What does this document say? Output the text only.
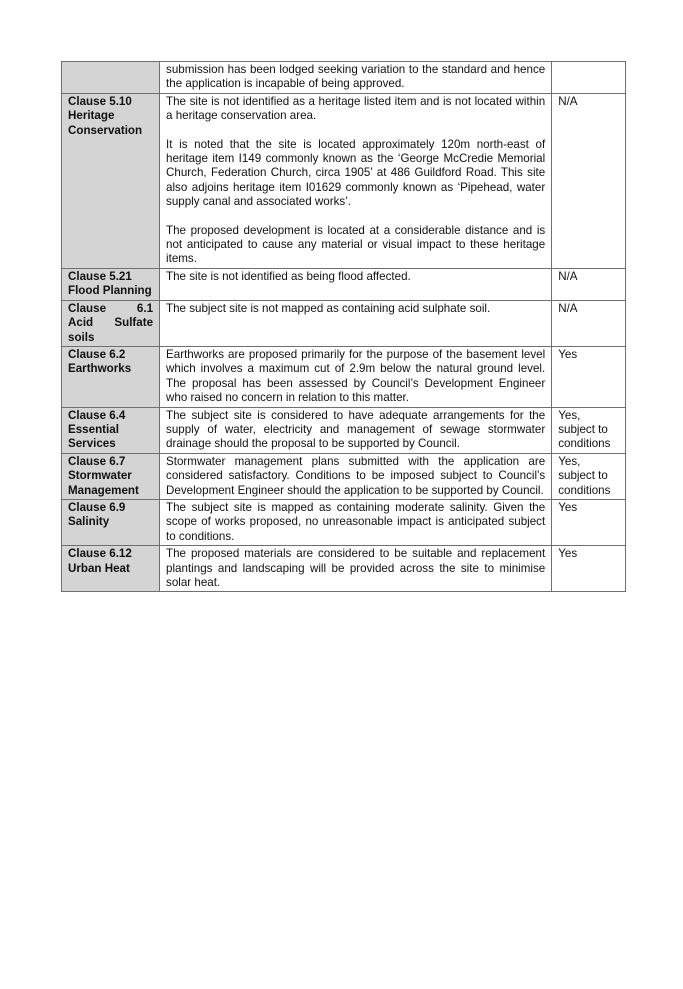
	submission has been lodged seeking variation to the standard and hence the application is incapable of being approved.	

Clause 5.10 Heritage Conservation	The site is not identified as a heritage listed item and is not located within a heritage conservation area.

It is noted that the site is located approximately 120m north-east of heritage item I149 commonly known as the ‘George McCredie Memorial Church, Federation Church, circa 1905’ at 486 Guildford Road. This site also adjoins heritage item I01629 commonly known as ‘Pipehead, water supply canal and associated works’.

The proposed development is located at a considerable distance and is not anticipated to cause any material or visual impact to these heritage items.	N/A
Clause 5.21 Flood Planning	The site is not identified as being flood affected.	N/A

Clause 6.1 Acid Sulfate soils	The subject site is not mapped as containing acid sulphate soil.	N/A
Clause 6.2 Earthworks	Earthworks are proposed primarily for the purpose of the basement level which involves a maximum cut of 2.9m below the natural ground level. The proposal has been assessed by Council’s Development Engineer who raised no concern in relation to this matter.	Yes
Clause 6.4 Essential Services	The subject site is considered to have adequate arrangements for the supply of water, electricity and management of sewage stormwater drainage should the proposal to be supported by Council.	Yes, subject to conditions
Clause 6.7 Stormwater Management	Stormwater management plans submitted with the application are considered satisfactory. Conditions to be imposed subject to Council’s Development Engineer should the application to be supported by Council.	Yes, subject to conditions
Clause 6.9 Salinity	The subject site is mapped as containing moderate salinity. Given the scope of works proposed, no unreasonable impact is anticipated subject to conditions.	Yes
Clause 6.12 Urban Heat	The proposed materials are considered to be suitable and replacement plantings and landscaping will be provided across the site to minimise solar heat.	Yes
